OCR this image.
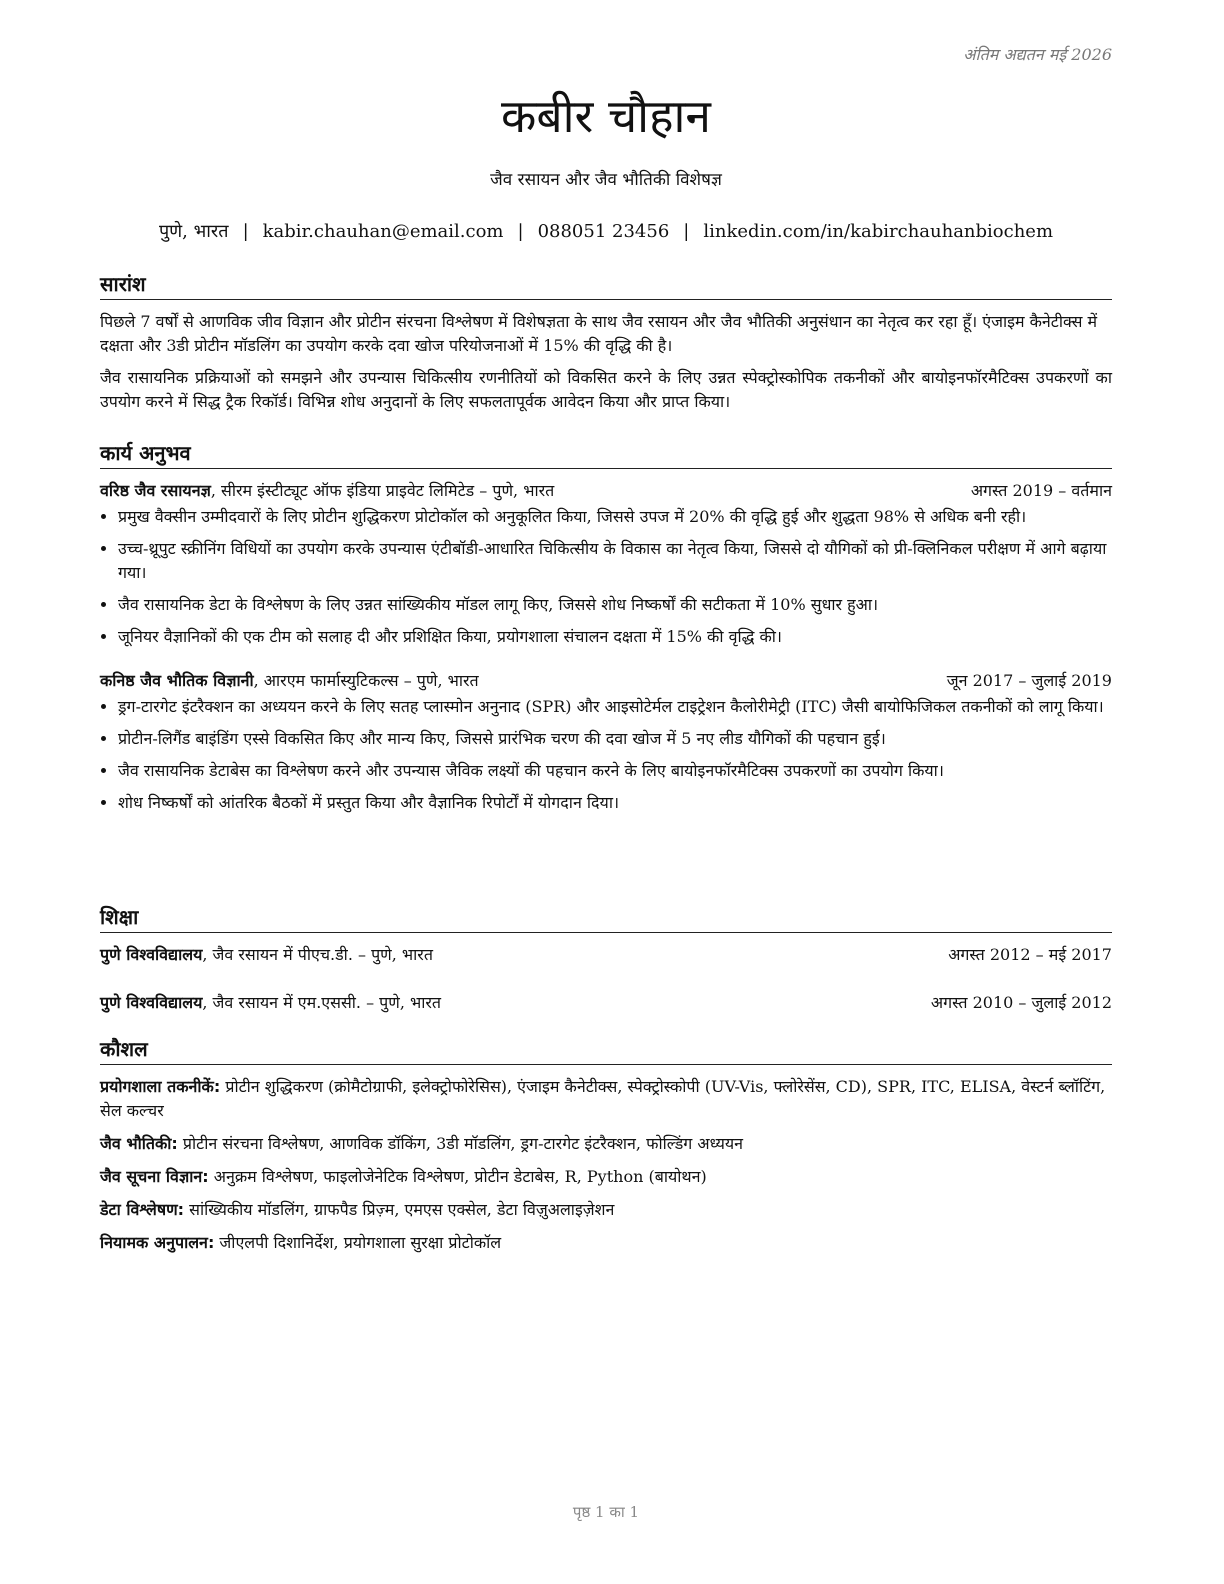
अंतिम अद्यतन मई 2026
कबीर चौहान
जैव रसायन और जैव भौतिकी विशेषज्ञ
पुणे, भारत | kabir.chauhan@email.com | 088051 23456 | linkedin.com/in/kabirchauhanbiochem
सारांश

पिछले 7 वर्षों से आणविक जीव विज्ञान और प्रोटीन संरचना विश्लेषण में विशेषज्ञता के साथ जैव रसायन और जैव भौतिकी अनुसंधान का नेतृत्व कर रहा हूँ। एंजाइम कैनेटीक्स में दक्षता और 3डी प्रोटीन मॉडलिंग का उपयोग करके दवा खोज परियोजनाओं में 15% की वृद्धि की है।

जैव रासायनिक प्रक्रियाओं को समझने और उपन्यास चिकित्सीय रणनीतियों को विकसित करने के लिए उन्नत स्पेक्ट्रोस्कोपिक तकनीकों और बायोइनफॉरमैटिक्स उपकरणों का उपयोग करने में सिद्ध ट्रैक रिकॉर्ड। विभिन्न शोध अनुदानों के लिए सफलतापूर्वक आवेदन किया और प्राप्त किया।

कार्य अनुभव
वरिष्ठ जैव रसायनज्ञ, सीरम इंस्टीट्यूट ऑफ इंडिया प्राइवेट लिमिटेड – पुणे, भारत	अगस्त 2019 – वर्तमान
• प्रमुख वैक्सीन उम्मीदवारों के लिए प्रोटीन शुद्धिकरण प्रोटोकॉल को अनुकूलित किया, जिससे उपज में 20% की वृद्धि हुई और शुद्धता 98% से अधिक बनी रही।
• उच्च-थ्रूपुट स्क्रीनिंग विधियों का उपयोग करके उपन्यास एंटीबॉडी-आधारित चिकित्सीय के विकास का नेतृत्व किया, जिससे दो यौगिकों को प्री-क्लिनिकल परीक्षण में आगे बढ़ाया गया।
• जैव रासायनिक डेटा के विश्लेषण के लिए उन्नत सांख्यिकीय मॉडल लागू किए, जिससे शोध निष्कर्षों की सटीकता में 10% सुधार हुआ।
• जूनियर वैज्ञानिकों की एक टीम को सलाह दी और प्रशिक्षित किया, प्रयोगशाला संचालन दक्षता में 15% की वृद्धि की।
कनिष्ठ जैव भौतिक विज्ञानी, आरएम फार्मास्युटिकल्स – पुणे, भारत	जून 2017 – जुलाई 2019
• ड्रग-टारगेट इंटरैक्शन का अध्ययन करने के लिए सतह प्लास्मोन अनुनाद (SPR) और आइसोटेर्मल टाइट्रेशन कैलोरीमेट्री (ITC) जैसी बायोफिजिकल तकनीकों को लागू किया।
• प्रोटीन-लिगैंड बाइंडिंग एस्से विकसित किए और मान्य किए, जिससे प्रारंभिक चरण की दवा खोज में 5 नए लीड यौगिकों की पहचान हुई।
• जैव रासायनिक डेटाबेस का विश्लेषण करने और उपन्यास जैविक लक्ष्यों की पहचान करने के लिए बायोइनफॉरमैटिक्स उपकरणों का उपयोग किया।
• शोध निष्कर्षों को आंतरिक बैठकों में प्रस्तुत किया और वैज्ञानिक रिपोर्टों में योगदान दिया।
शिक्षा
पुणे विश्वविद्यालय, जैव रसायन में पीएच.डी. – पुणे, भारत	अगस्त 2012 – मई 2017
पुणे विश्वविद्यालय, जैव रसायन में एम.एससी. – पुणे, भारत	अगस्त 2010 – जुलाई 2012
कौशल
प्रयोगशाला तकनीकें: प्रोटीन शुद्धिकरण (क्रोमैटोग्राफी, इलेक्ट्रोफोरेसिस), एंजाइम कैनेटीक्स, स्पेक्ट्रोस्कोपी (UV-Vis, फ्लोरेसेंस, CD), SPR, ITC, ELISA, वेस्टर्न ब्लॉटिंग, सेल कल्चर
जैव भौतिकी: प्रोटीन संरचना विश्लेषण, आणविक डॉकिंग, 3डी मॉडलिंग, ड्रग-टारगेट इंटरैक्शन, फोल्डिंग अध्ययन
जैव सूचना विज्ञान: अनुक्रम विश्लेषण, फाइलोजेनेटिक विश्लेषण, प्रोटीन डेटाबेस, R, Python (बायोथन)
डेटा विश्लेषण: सांख्यिकीय मॉडलिंग, ग्राफपैड प्रिज़्म, एमएस एक्सेल, डेटा विज़ुअलाइज़ेशन
नियामक अनुपालन: जीएलपी दिशानिर्देश, प्रयोगशाला सुरक्षा प्रोटोकॉल
पृष्ठ 1 का 1
